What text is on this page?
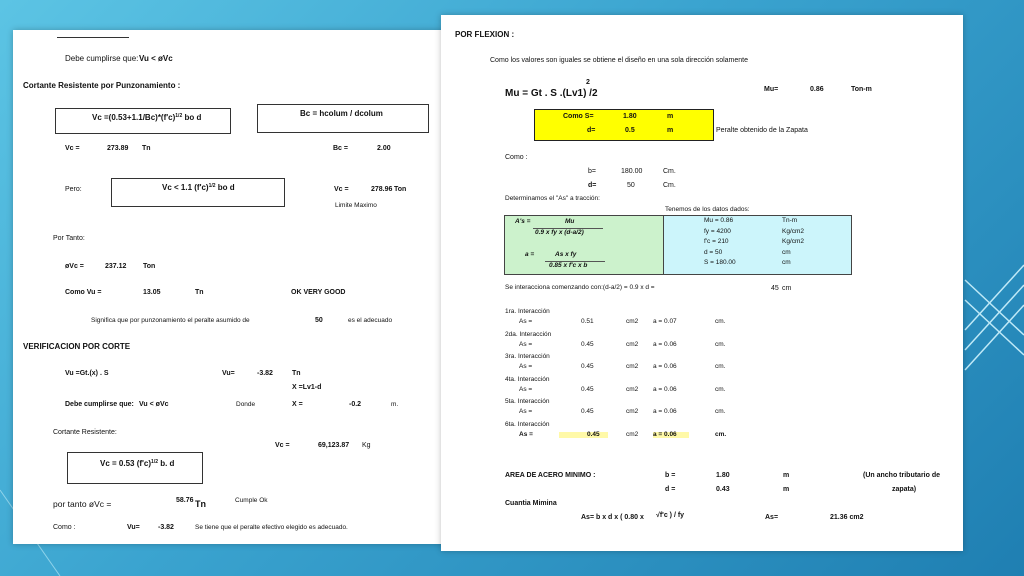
Debe cumplirse que: Vu < øVc
Cortante Resistente por Punzonamiento :
$Vc =(0.53+1.1/Bc)*(f'c)^{1/2}$ bo d	Bc = hcolum / dcolum
Vc =	273.89 Tn	Bc =	2.00
Pero:	Vc < 1.1 $(f'c)^{1/2}$ bo d	Vc =	278.96 Ton
Limite Maximo
Por Tanto:
øVc =	237.12 Ton
Como Vu =	13.05	Tn	OK VERY GOOD
Significa que por punzonamiento el peralte asumido de	50	es el adecuado
VERIFICACION POR CORTE
Vu =Gt.(x) . S	Vu=	-3.82	Tn
X =Lv1-d
Debe cumplirse que: Vu < øVc	Donde	X =	-0.2	m.
Cortante Resistente:
Vc =	69,123.87 Kg
Vc = 0.53 $(f'c)^{1/2}$ b. d
por tanto øVc =	58.76 Tn	Cumple Ok
Como :	Vu=	-3.82	Se tiene que el peralte efectivo elegido es adecuado.
POR FLEXION :
Como los valores son iguales se obtiene el diseño en una sola dirección solamente
2
Mu = Gt . S .(Lv1) /2	Mu=	0.86	Ton-m
Como S=	1.80	m
d=	0.5	m	Peralte obtenido de la Zapata
Como :
b=	180.00	Cm.
d=	50	Cm.
Determinamos el "As" a tracción:
Tenemos de los datos dados:
A's =	Mu
0.9 x fy x (d-a/2)
a =	As x fy
0.85 x f'c x b
Mu = 0.86	Tn-m
fy = 4200	Kg/cm2
f'c = 210	Kg/cm2
d = 50	cm
S = 180.00	cm
Se interacciona comenzando con:(d-a/2) = 0.9 x d =	45 cm
AREA DE ACERO MINIMO :	b =	1.80	m
d =	0.43	m
(Un ancho tributario de
zapata)
Cuantia Mimina
As= b x d x ( 0.80 x √f'c ) / fy	As=	21.36 cm2
1ra. Interacción
As =	0.51	cm2 a = 0.07	cm.
2da. Interacción
As =	0.45	cm2 a = 0.06	cm.
3ra. Interacción
As =	0.45	cm2 a = 0.06	cm.
4ta. Interacción
As =	0.45	cm2 a = 0.06	cm.
5ta. Interacción
As =	0.45	cm2 a = 0.06	cm.
6ta. Interacción
As =	0.45	cm2 a = 0.06	cm.
